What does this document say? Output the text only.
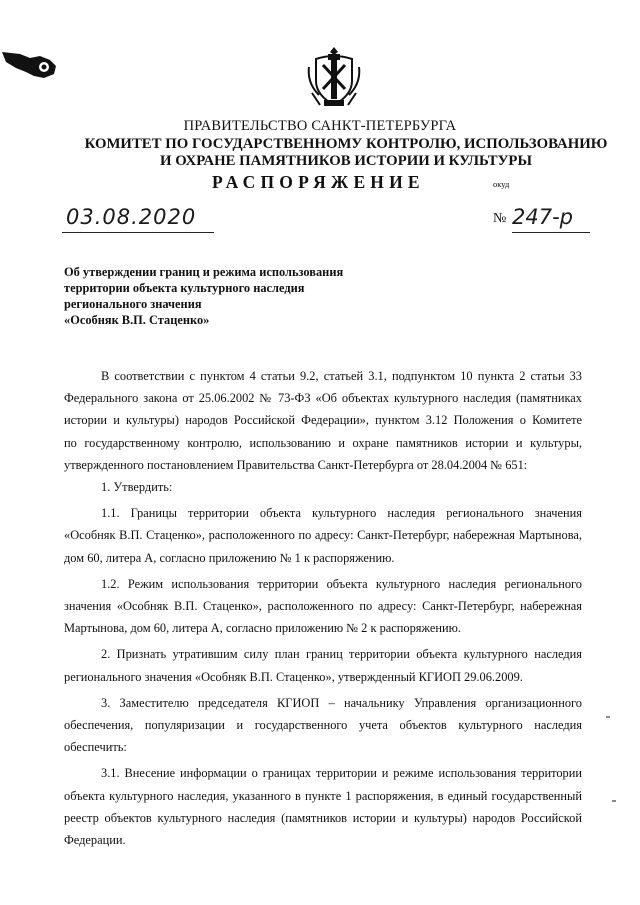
ПРАВИТЕЛЬСТВО САНКТ-ПЕТЕРБУРГА
КОМИТЕТ ПО ГОСУДАРСТВЕННОМУ КОНТРОЛЮ, ИСПОЛЬЗОВАНИЮ
И ОХРАНЕ ПАМЯТНИКОВ ИСТОРИИ И КУЛЬТУРЫ
РАСПОРЯЖЕНИЕ	окуд
03.08.2020	№ 247-р
Об утверждении границ и режима использования
территории объекта культурного наследия
регионального значения
«Особняк В.П. Стаценко»
В соответствии с пунктом 4 статьи 9.2, статьей 3.1, подпунктом 10 пункта 2 статьи 33
Федерального закона от 25.06.2002 № 73-ФЗ «Об объектах культурного наследия (памятниках
истории и культуры) народов Российской Федерации», пунктом 3.12 Положения о Комитете
по государственному контролю, использованию и охране памятников истории и культуры,
утвержденного постановлением Правительства Санкт-Петербурга от 28.04.2004 № 651:
1. Утвердить:
1.1. Границы территории объекта культурного наследия регионального значения
«Особняк В.П. Стаценко», расположенного по адресу: Санкт-Петербург, набережная Мартынова,
дом 60, литера А, согласно приложению № 1 к распоряжению.
1.2. Режим использования территории объекта культурного наследия регионального
значения «Особняк В.П. Стаценко», расположенного по адресу: Санкт-Петербург, набережная
Мартынова, дом 60, литера А, согласно приложению № 2 к распоряжению.
2. Признать утратившим силу план границ территории объекта культурного наследия
регионального значения «Особняк В.П. Стаценко», утвержденный КГИОП 29.06.2009.
3. Заместителю председателя КГИОП – начальнику Управления организационного
обеспечения, популяризации и государственного учета объектов культурного наследия
обеспечить:
3.1. Внесение информации о границах территории и режиме использования территории
объекта культурного наследия, указанного в пункте 1 распоряжения, в единый государственный
реестр объектов культурного наследия (памятников истории и культуры) народов Российской
Федерации.
